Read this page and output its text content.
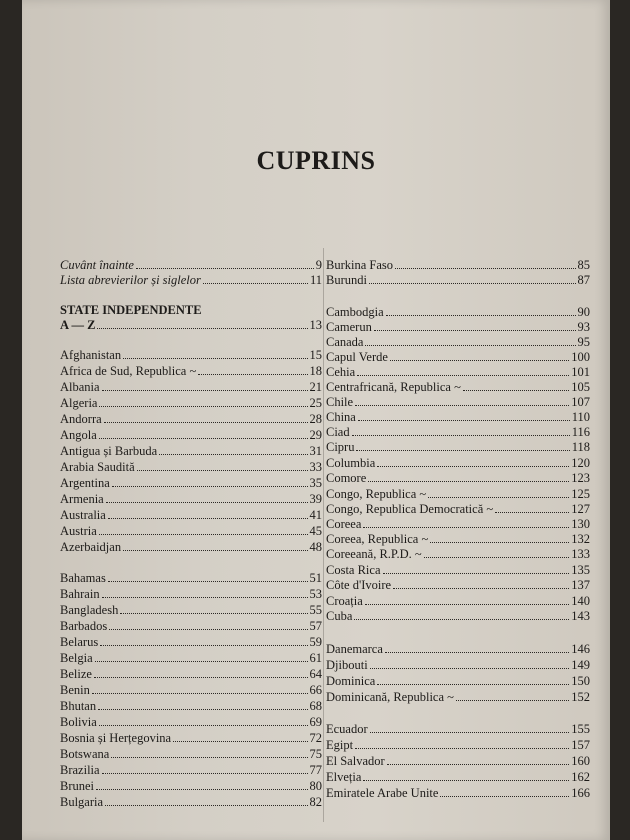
CUPRINS
Cuvânt înainte	9
Lista abrevierilor și siglelor	11
STATE INDEPENDENTE
A — Z	13
Afghanistan	15
Africa de Sud, Republica ~	18
Albania	21
Algeria	25
Andorra	28
Angola	29
Antigua și Barbuda	31
Arabia Saudită	33
Argentina	35
Armenia	39
Australia	41
Austria	45
Azerbaidjan	48
Bahamas	51
Bahrain	53
Bangladesh	55
Barbados	57
Belarus	59
Belgia	61
Belize	64
Benin	66
Bhutan	68
Bolivia	69
Bosnia și Herțegovina	72
Botswana	75
Brazilia	77
Brunei	80
Bulgaria	82
Burkina Faso	85
Burundi	87
Cambodgia	90
Camerun	93
Canada	95
Capul Verde	100
Cehia	101
Centrafricană, Republica ~	105
Chile	107
China	110
Ciad	116
Cipru	118
Columbia	120
Comore	123
Congo, Republica ~	125
Congo, Republica Democratică ~	127
Coreea	130
Coreea, Republica ~	132
Coreeană, R.P.D. ~	133
Costa Rica	135
Côte d'Ivoire	137
Croația	140
Cuba	143
Danemarca	146
Djibouti	149
Dominica	150
Dominicană, Republica ~	152
Ecuador	155
Egipt	157
El Salvador	160
Elveția	162
Emiratele Arabe Unite	166
